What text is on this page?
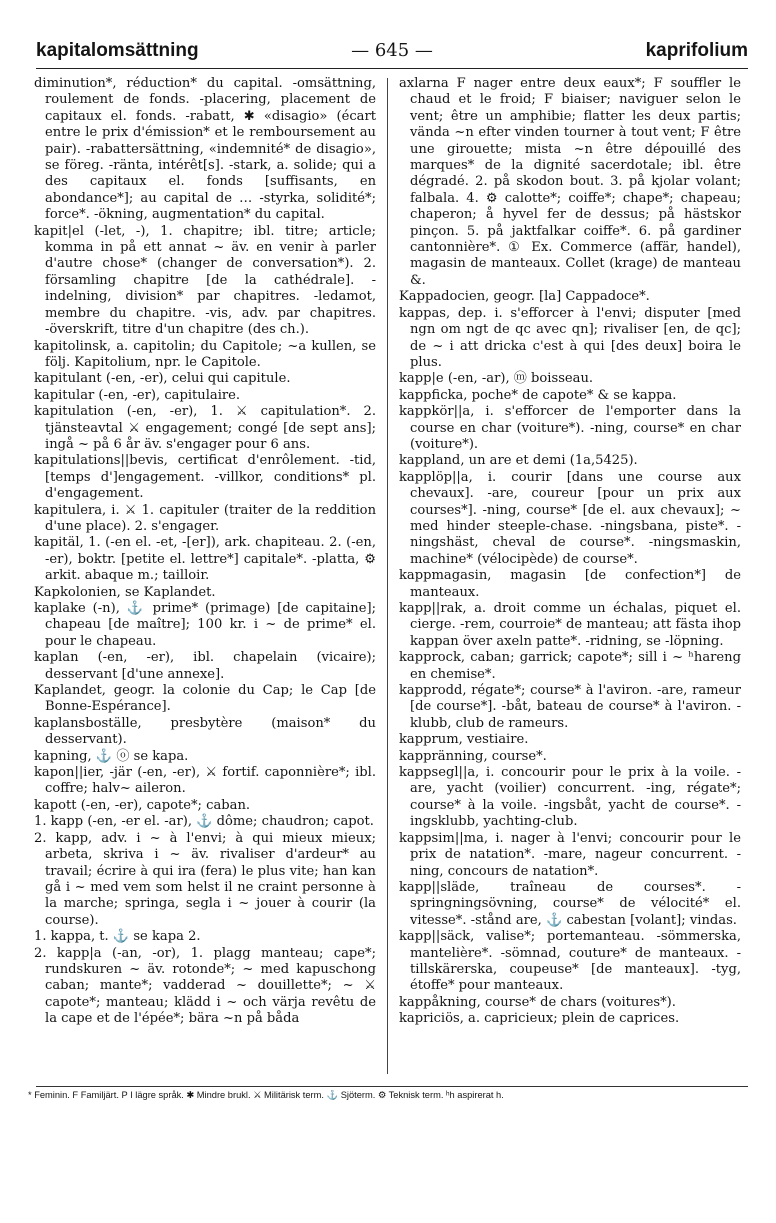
kapitalomsättning	— 645 —	kaprifolium

diminution*, réduction* du capital. -omsättning, roulement de fonds. -placering, placement de capitaux el. fonds. -rabatt, ✱ «disagio» (écart entre le prix d'émission* et le remboursement au pair). -rabattersättning, «indemnité* de disagio», se föreg. -ränta, intérêt[s]. -stark, a. solide; qui a des capitaux el. fonds [suffisants, en abondance*]; au capital de … -styrka, solidité*; force*. -ökning, augmentation* du capital.

kapit|el (-let, -), 1. chapitre; ibl. titre; article; komma in på ett annat ~ äv. en venir à parler d'autre chose* (changer de conversation*). 2. församling chapitre [de la cathédrale]. -indelning, division* par chapitres. -ledamot, membre du chapitre. -vis, adv. par chapitres. -överskrift, titre d'un chapitre (des ch.).

kapitolinsk, a. capitolin; du Capitole; ~a kullen, se följ. Kapitolium, npr. le Capitole.

kapitulant (-en, -er), celui qui capitule.

kapitular (-en, -er), capitulaire.

kapitulation (-en, -er), 1. ⚔ capitulation*. 2. tjänsteavtal ⚔ engagement; congé [de sept ans]; ingå ~ på 6 år äv. s'engager pour 6 ans.

kapitulations||bevis, certificat d'enrôlement. -tid, [temps d']engagement. -villkor, conditions* pl. d'engagement.

kapitulera, i. ⚔ 1. capituler (traiter de la reddition d'une place). 2. s'engager.

kapitäl, 1. (-en el. -et, -[er]), ark. chapiteau. 2. (-en, -er), boktr. [petite el. lettre*] capitale*. -platta, ⚙ arkit. abaque m.; tailloir.

Kapkolonien, se Kaplandet.

kaplake (-n), ⚓ prime* (primage) [de capitaine]; chapeau [de maître]; 100 kr. i ~ de prime* el. pour le chapeau.

kaplan (-en, -er), ibl. chapelain (vicaire); desservant [d'une annexe].

Kaplandet, geogr. la colonie du Cap; le Cap [de Bonne-Espérance].

kaplansboställe, presbytère (maison* du desservant).

kapning, ⚓ ⓞ se kapa.

kapon||ier, -jär (-en, -er), ⚔ fortif. caponnière*; ibl. coffre; halv~ aileron.

kapott (-en, -er), capote*; caban.

1. kapp (-en, -er el. -ar), ⚓ dôme; chaudron; capot.

2. kapp, adv. i ~ à l'envi; à qui mieux mieux; arbeta, skriva i ~ äv. rivaliser d'ardeur* au travail; écrire à qui ira (fera) le plus vite; han kan gå i ~ med vem som helst il ne craint personne à la marche; springa, segla i ~ jouer à courir (la course).

1. kappa, t. ⚓ se kapa 2.

2. kapp|a (-an, -or), 1. plagg manteau; cape*; rundskuren ~ äv. rotonde*; ~ med kapuschong caban; mante*; vadderad ~ douillette*; ~ ⚔ capote*; manteau; klädd i ~ och värja revêtu de la cape et de l'épée*; bära ~n på båda

axlarna F nager entre deux eaux*; F souffler le chaud et le froid; F biaiser; naviguer selon le vent; être un amphibie; flatter les deux partis; vända ~n efter vinden tourner à tout vent; F être une girouette; mista ~n être dépouillé des marques* de la dignité sacerdotale; ibl. être dégradé. 2. på skodon bout. 3. på kjolar volant; falbala. 4. ⚙ calotte*; coiffe*; chape*; chapeau; chaperon; å hyvel fer de dessus; på hästskor pinçon. 5. på jaktfalkar coiffe*. 6. på gardiner cantonnière*. ① Ex. Commerce (affär, handel), magasin de manteaux. Collet (krage) de manteau &.

Kappadocien, geogr. [la] Cappadoce*.

kappas, dep. i. s'efforcer à l'envi; disputer [med ngn om ngt de qc avec qn]; rivaliser [en, de qc]; de ~ i att dricka c'est à qui [des deux] boira le plus.

kapp|e (-en, -ar), ⓜ boisseau.

kappficka, poche* de capote* & se kappa.

kappkör||a, i. s'efforcer de l'emporter dans la course en char (voiture*). -ning, course* en char (voiture*).

kappland, un are et demi (1a,5425).

kapplöp||a, i. courir [dans une course aux chevaux]. -are, coureur [pour un prix aux courses*]. -ning, course* [de el. aux chevaux]; ~ med hinder steeple-chase. -ningsbana, piste*. -ningshäst, cheval de course*. -ningsmaskin, machine* (vélocipède) de course*.

kappmagasin, magasin [de confection*] de manteaux.

kapp||rak, a. droit comme un échalas, piquet el. cierge. -rem, courroie* de manteau; att fästa ihop kappan över axeln patte*. -ridning, se -löpning.

kapprock, caban; garrick; capote*; sill i ~ ʰhareng en chemise*.

kapprodd, régate*; course* à l'aviron. -are, rameur [de course*]. -båt, bateau de course* à l'aviron. -klubb, club de rameurs.

kapprum, vestiaire.

kappränning, course*.

kappsegl||a, i. concourir pour le prix à la voile. -are, yacht (voilier) concurrent. -ing, régate*; course* à la voile. -ingsbåt, yacht de course*. -ingsklubb, yachting-club.

kappsim||ma, i. nager à l'envi; concourir pour le prix de natation*. -mare, nageur concurrent. -ning, concours de natation*.

kapp||släde, traîneau de courses*. -springningsövning, course* de vélocité* el. vitesse*. -stånd are, ⚓ cabestan [volant]; vindas.

kapp||säck, valise*; portemanteau. -sömmerska, mantelière*. -sömnad, couture* de manteaux. -tillskärerska, coupeuse* [de manteaux]. -tyg, étoffe* pour manteaux.

kappåkning, course* de chars (voitures*).

kapriciös, a. capricieux; plein de caprices.

* Feminin. F Familjärt. P I lägre språk. ✱ Mindre brukl. ⚔ Militärisk term. ⚓ Sjöterm. ⚙ Teknisk term. ʰh aspirerat h.
